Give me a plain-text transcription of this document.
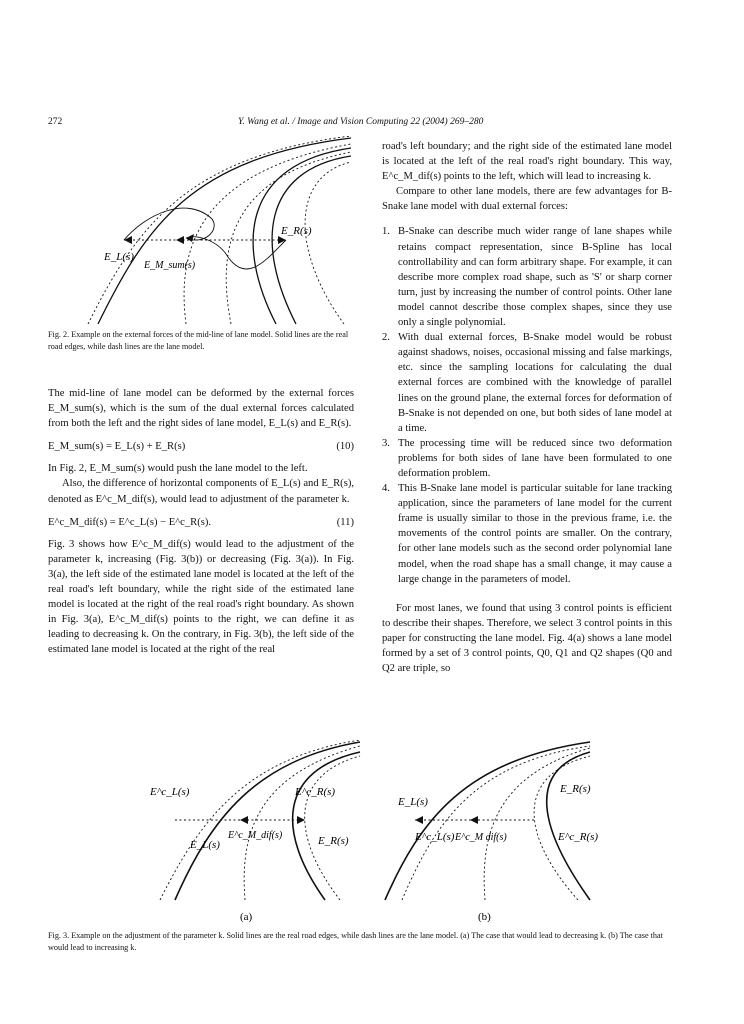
272	Y. Wang et al. / Image and Vision Computing 22 (2004) 269–280
E_L(s)
E_M_sum(s)
E_R(s)
Fig. 2. Example on the external forces of the mid-line of lane model. Solid lines are the real road edges, while dash lines are the lane model.

The mid-line of lane model can be deformed by the external forces E_M_sum(s), which is the sum of the dual external forces calculated from both the left and the right sides of lane model, E_L(s) and E_R(s).

E_M_sum(s) = E_L(s) + E_R(s)	(10)

In Fig. 2, E_M_sum(s) would push the lane model to the left.

Also, the difference of horizontal components of E_L(s) and E_R(s), denoted as E^c_M_dif(s), would lead to adjustment of the parameter k.

E^c_M_dif(s) = E^c_L(s) − E^c_R(s).	(11)

Fig. 3 shows how E^c_M_dif(s) would lead to the adjustment of the parameter k, increasing (Fig. 3(b)) or decreasing (Fig. 3(a)). In Fig. 3(a), the left side of the estimated lane model is located at the left of the real road's left boundary, while the right side of the estimated lane model is located at the right of the real road's right boundary. As shown in Fig. 3(a), E^c_M_dif(s) points to the right, we can define it as leading to decreasing k. On the contrary, in Fig. 3(b), the left side of the estimated lane model is located at the right of the real

road's left boundary; and the right side of the estimated lane model is located at the left of the real road's right boundary. This way, E^c_M_dif(s) points to the left, which will lead to increasing k.

Compare to other lane models, there are few advantages for B-Snake lane model with dual external forces:

1. B-Snake can describe much wider range of lane shapes while retains compact representation, since B-Spline has local controllability and can form arbitrary shape. For example, it can describe more complex road shape, such as 'S' or sharp corner turn, just by increasing the number of control points. Other lane model cannot describe those complex shapes, since they use only a single polynomial.
2. With dual external forces, B-Snake model would be robust against shadows, noises, occasional missing and false markings, etc. since the sampling locations for calculating the dual external forces are combined with the knowledge of parallel lines on the ground plane, the external forces for deformation of B-Snake is not depended on one, but both sides of lane model at a time.
3. The processing time will be reduced since two deformation problems for both sides of lane have been formulated to one deformation problem.
4. This B-Snake lane model is particular suitable for lane tracking application, since the parameters of lane model for the current frame is usually similar to those in the previous frame, i.e. the movements of the control points are smaller. On the contrary, for other lane models such as the second order polynomial lane model, when the road shape has a small change, it may cause a large change in the parameters of model.

For most lanes, we found that using 3 control points is efficient to describe their shapes. Therefore, we select 3 control points in this paper for constructing the lane model. Fig. 4(a) shows a lane model formed by a set of 3 control points, Q0, Q1 and Q2 shapes (Q0 and Q2 are triple, so

E^c_L(s)	E^c_R(s)
E_L(s)
E^c_M_dif(s)	E_R(s)
(a)
E_L(s)
E_R(s)
E^c_L(s) E^c_M dif(s)	E^c_R(s)
(b)
Fig. 3. Example on the adjustment of the parameter k. Solid lines are the real road edges, while dash lines are the lane model. (a) The case that would lead to decreasing k. (b) The case that would lead to increasing k.
